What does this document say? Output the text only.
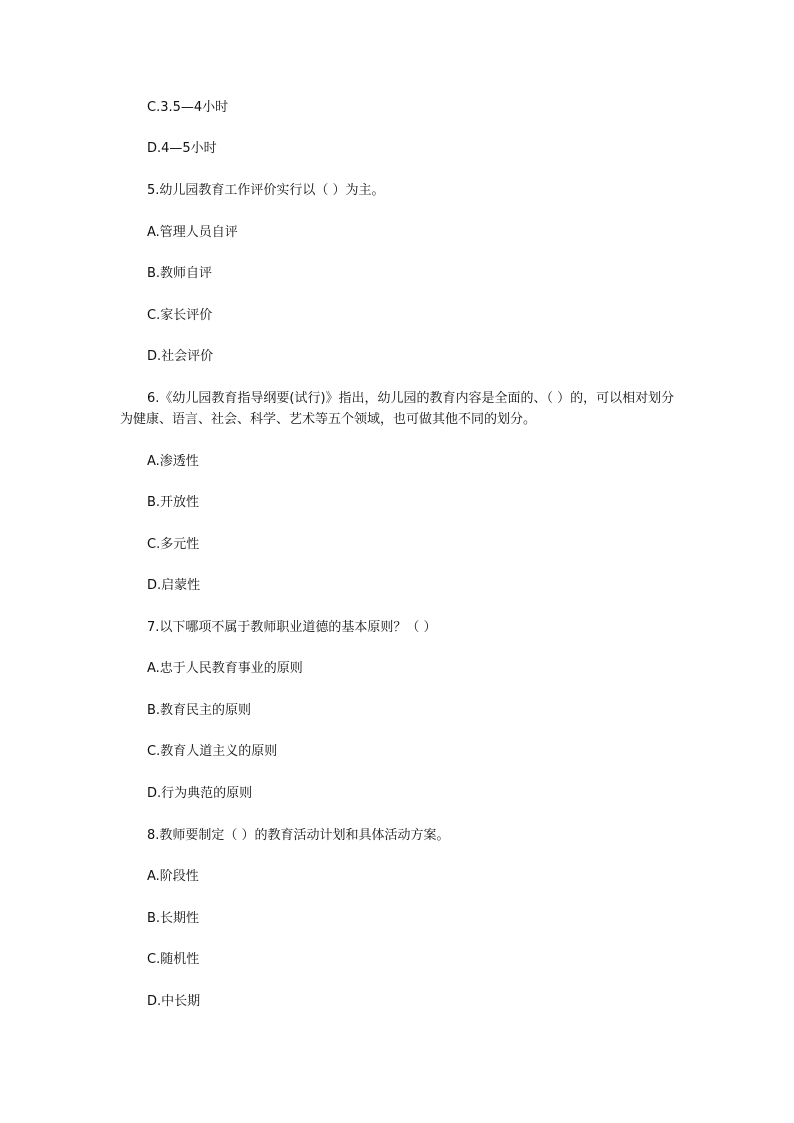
C.3.5—4小时

D.4—5小时

5.幼儿园教育工作评价实行以（ ）为主。

A.管理人员自评

B.教师自评

C.家长评价

D.社会评价

6.《幼儿园教育指导纲要(试行)》指出，幼儿园的教育内容是全面的、（ ）的，可以相对划分为健康、语言、社会、科学、艺术等五个领域，也可做其他不同的划分。

A.渗透性

B.开放性

C.多元性

D.启蒙性

7.以下哪项不属于教师职业道德的基本原则？（ ）

A.忠于人民教育事业的原则

B.教育民主的原则

C.教育人道主义的原则

D.行为典范的原则

8.教师要制定（ ）的教育活动计划和具体活动方案。

A.阶段性

B.长期性

C.随机性

D.中长期
